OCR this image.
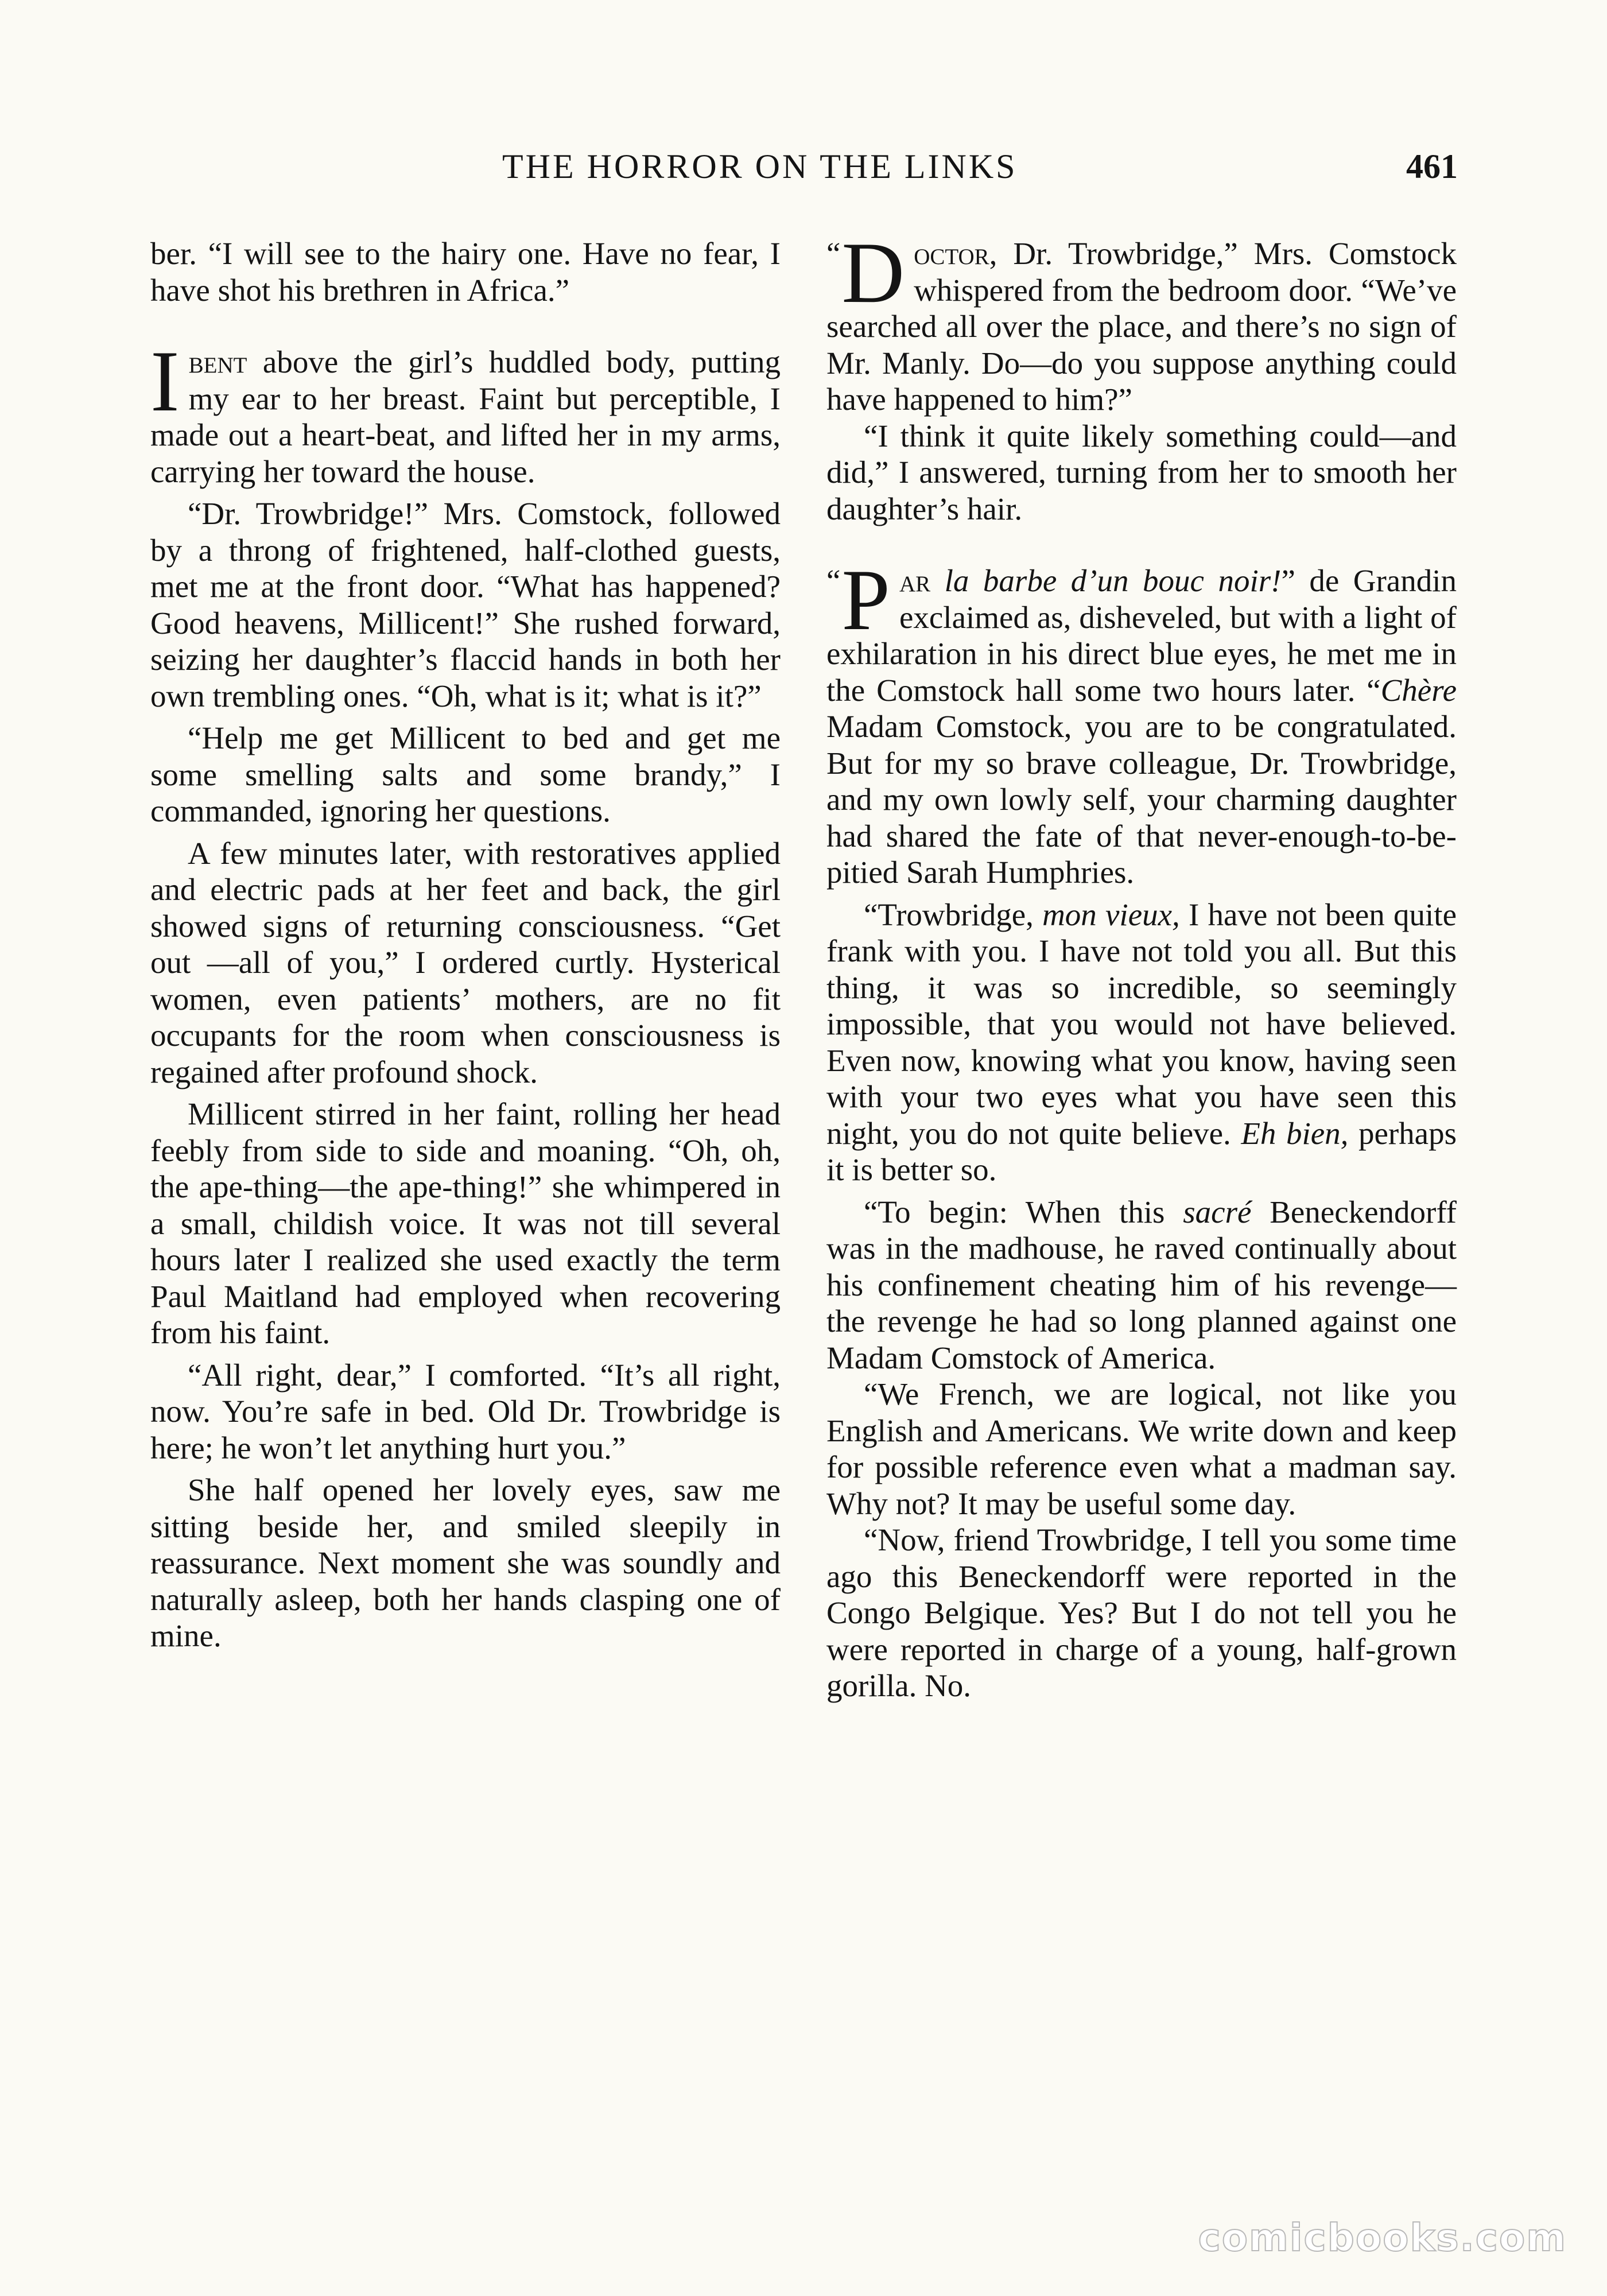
THE HORROR ON THE LINKS	461

ber. “I will see to the hairy one. Have no fear, I have shot his brethren in Africa.”

Ibent above the girl’s huddled body, putting my ear to her breast. Faint but perceptible, I made out a heart-beat, and lifted her in my arms, carrying her toward the house.

“Dr. Trowbridge!” Mrs. Comstock, followed by a throng of frightened, half-clothed guests, met me at the front door. “What has happened? Good heavens, Millicent!” She rushed forward, seizing her daughter’s flaccid hands in both her own trembling ones. “Oh, what is it; what is it?”

“Help me get Millicent to bed and get me some smelling salts and some brandy,” I commanded, ignoring her questions.

A few minutes later, with restoratives applied and electric pads at her feet and back, the girl showed signs of returning consciousness. “Get out —all of you,” I ordered curtly. Hysterical women, even patients’ mothers, are no fit occupants for the room when consciousness is regained after profound shock.

Millicent stirred in her faint, rolling her head feebly from side to side and moaning. “Oh, oh, the ape-thing—the ape-thing!” she whimpered in a small, childish voice. It was not till several hours later I realized she used exactly the term Paul Maitland had employed when recovering from his faint.

“All right, dear,” I comforted. “It’s all right, now. You’re safe in bed. Old Dr. Trowbridge is here; he won’t let anything hurt you.”

She half opened her lovely eyes, saw me sitting beside her, and smiled sleepily in reassurance. Next moment she was soundly and naturally asleep, both her hands clasping one of mine.

“ D octor, Dr. Trowbridge,” Mrs. Comstock whispered from the bedroom door. “We’ve searched all over the place, and there’s no sign of Mr. Manly. Do—do you suppose anything could have happened to him?”

“I think it quite likely something could—and did,” I answered, turning from her to smooth her daughter’s hair.

“ P ar la barbe d’un bouc noir!” de Grandin exclaimed as, disheveled, but with a light of exhilaration in his direct blue eyes, he met me in the Comstock hall some two hours later. “Chère Madam Comstock, you are to be congratulated. But for my so brave colleague, Dr. Trowbridge, and my own lowly self, your charming daughter had shared the fate of that never-enough-to-be-pitied Sarah Humphries.

“Trowbridge, mon vieux, I have not been quite frank with you. I have not told you all. But this thing, it was so incredible, so seemingly impossible, that you would not have believed. Even now, knowing what you know, having seen with your two eyes what you have seen this night, you do not quite believe. Eh bien, perhaps it is better so.

“To begin: When this sacré Beneckendorff was in the madhouse, he raved continually about his confinement cheating him of his revenge—the revenge he had so long planned against one Madam Comstock of America.

“We French, we are logical, not like you English and Americans. We write down and keep for possible reference even what a madman say. Why not? It may be useful some day.

“Now, friend Trowbridge, I tell you some time ago this Beneckendorff were reported in the Congo Belgique. Yes? But I do not tell you he were reported in charge of a young, half-grown gorilla. No.

comicbooks.com
